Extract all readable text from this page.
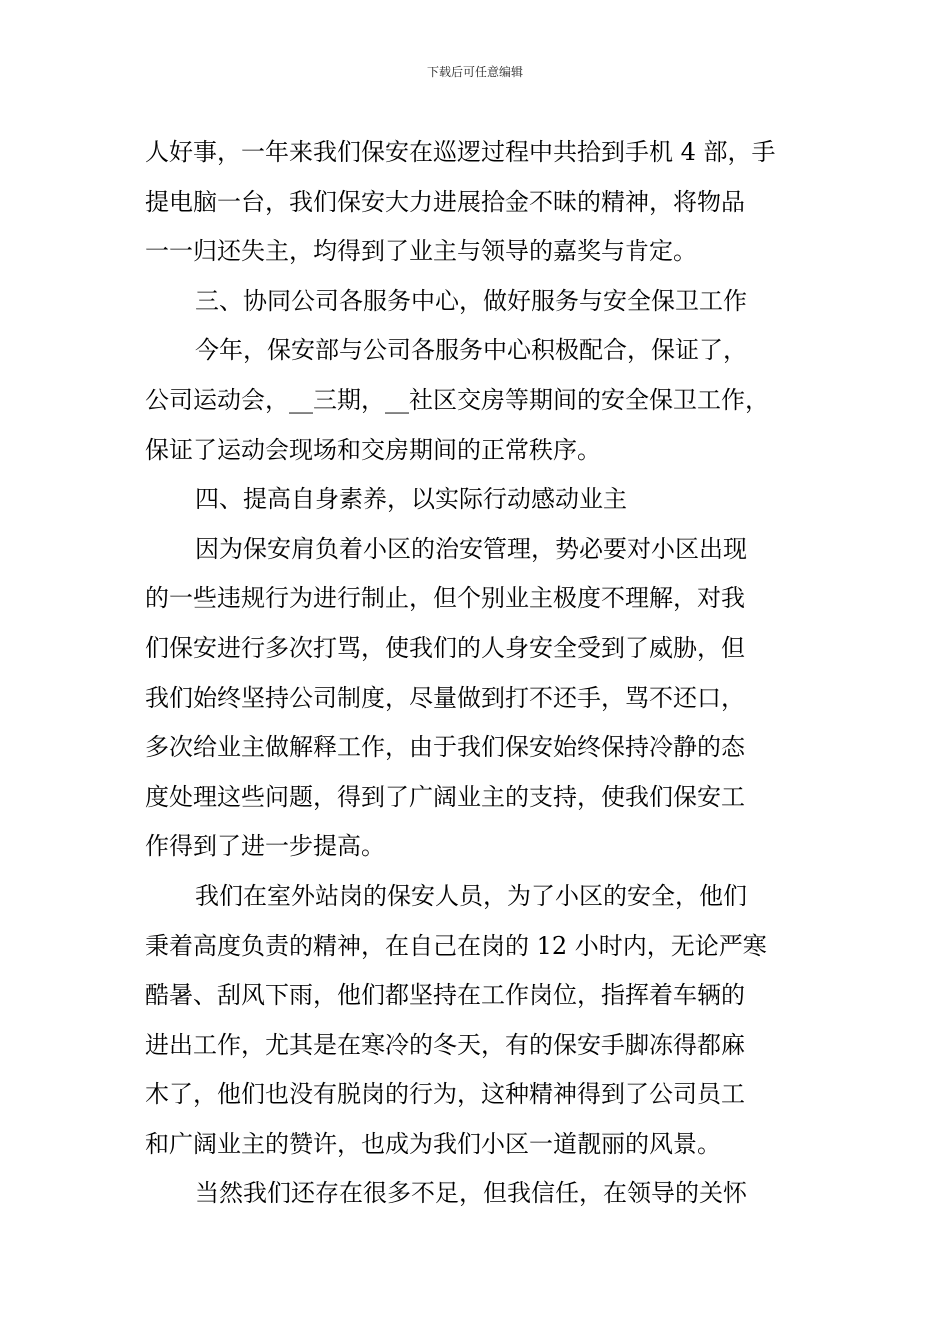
下载后可任意编辑
人好事，一年来我们保安在巡逻过程中共拾到手机 4 部，手
提电脑一台，我们保安大力进展拾金不昧的精神，将物品
一一归还失主，均得到了业主与领导的嘉奖与肯定。
三、协同公司各服务中心，做好服务与安全保卫工作
今年，保安部与公司各服务中心积极配合，保证了，
公司运动会，__三期，__社区交房等期间的安全保卫工作，
保证了运动会现场和交房期间的正常秩序。
四、提高自身素养，以实际行动感动业主
因为保安肩负着小区的治安管理，势必要对小区出现
的一些违规行为进行制止，但个别业主极度不理解，对我
们保安进行多次打骂，使我们的人身安全受到了威胁，但
我们始终坚持公司制度，尽量做到打不还手，骂不还口，
多次给业主做解释工作，由于我们保安始终保持冷静的态
度处理这些问题，得到了广阔业主的支持，使我们保安工
作得到了进一步提高。
我们在室外站岗的保安人员，为了小区的安全，他们
秉着高度负责的精神，在自己在岗的 12 小时内，无论严寒
酷暑、刮风下雨，他们都坚持在工作岗位，指挥着车辆的
进出工作，尤其是在寒冷的冬天，有的保安手脚冻得都麻
木了，他们也没有脱岗的行为，这种精神得到了公司员工
和广阔业主的赞许，也成为我们小区一道靓丽的风景。
当然我们还存在很多不足，但我信任，在领导的关怀
